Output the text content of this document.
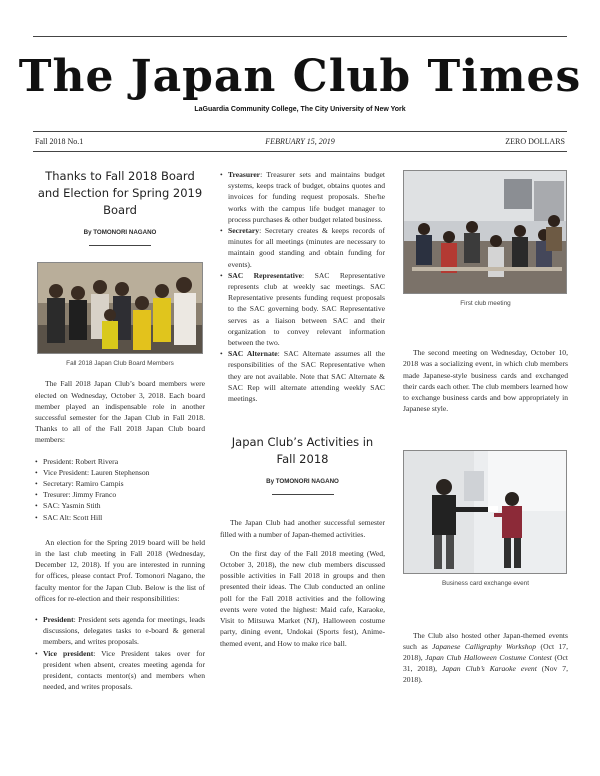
The Japan Club Times
LaGuardia Community College, The City University of New York
Fall 2018 No.1	FEBRUARY 15, 2019	ZERO DOLLARS
Thanks to Fall 2018 Board and Election for Spring 2019 Board
By TOMONORI NAGANO
Fall 2018 Japan Club Board Members

The Fall 2018 Japan Club’s board members were elected on Wednesday, October 3, 2018. Each board member played an indispensable role in another successful semester for the Japan Club in Fall 2018. Thanks to all of the Fall 2018 Japan Club board members:

• President: Robert Rivera
• Vice President: Lauren Stephenson
• Secretary: Ramiro Campis
• Tresurer: Jimmy Franco
• SAC: Yasmin Stith
• SAC Alt: Scott Hill

An election for the Spring 2019 board will be held in the last club meeting in Fall 2018 (Wednesday, December 12, 2018). If you are interested in running for offices, please contact Prof. Tomonori Nagano, the faculty mentor for the Japan Club. Below is the list of offices for re-election and their responsibilities:

• President: President sets agenda for meetings, leads discussions, delegates tasks to e-board & general members, and writes proposals.
• Vice president: Vice President takes over for president when absent, creates meeting agenda for president, contacts mentor(s) and members when needed, and writes proposals.
• Treasurer: Treasurer sets and maintains budget systems, keeps track of budget, obtains quotes and invoices for funding request proposals. She/he works with the campus life budget manager to process purchases & other budget related business.
• Secretary: Secretary creates & keeps records of minutes for all meetings (minutes are necessary to maintain good standing and obtain funding for events).
• SAC Representative: SAC Representative represents club at weekly sac meetings. SAC Representative presents funding request proposals to the SAC governing body. SAC Representative serves as a liaison between SAC and their organization to convey relevant information between the two.
• SAC Alternate: SAC Alternate assumes all the responsibilities of the SAC Representative when they are not available. Note that SAC Alternate & SAC Rep will alternate attending weekly SAC meetings.
Japan Club’s Activities in Fall 2018
By TOMONORI NAGANO

The Japan Club had another successful semester filled with a number of Japan-themed activities.

On the first day of the Fall 2018 meeting (Wed, October 3, 2018), the new club members discussed possible activities in Fall 2018 in groups and then presented their ideas. The Club conducted an online poll for the Fall 2018 activities and the following events were voted the highest: Maid cafe, Karaoke, Visit to Mitsuwa Market (NJ), Halloween costume party, dining event, Undokai (Sports fest), Anime-themed event, and How to make rice ball.

First club meeting

The second meeting on Wednesday, October 10, 2018 was a socializing event, in which club members made Japanese-style business cards and exchanged their cards each other. The club members learned how to exchange business cards and bow appropriately in Japanese style.

Business card exchange event

The Club also hosted other Japan-themed events such as Japanese Calligraphy Workshop (Oct 17, 2018), Japan Club Halloween Costume Contest (Oct 31, 2018), Japan Club’s Karaoke event (Nov 7, 2018).
